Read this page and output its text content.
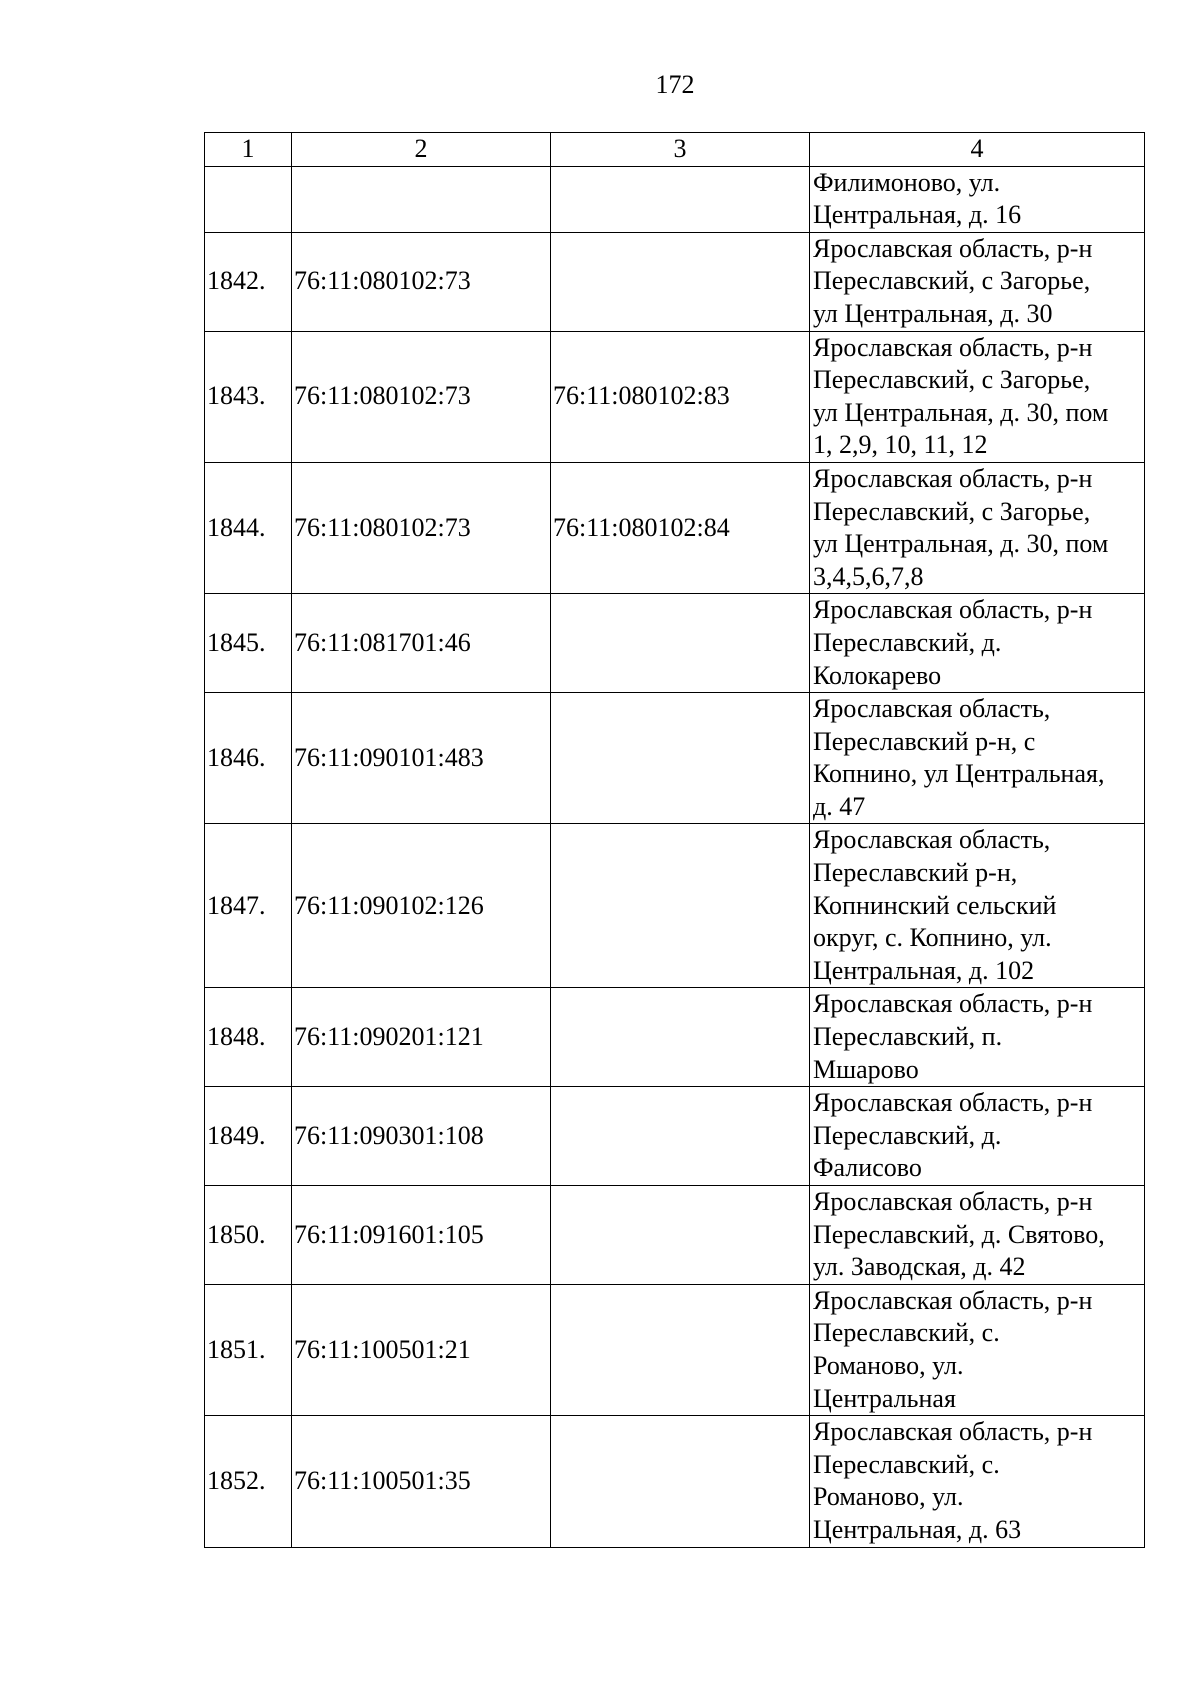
172
1	2	3	4

			Филимоново, ул.
Центральная, д. 16

1842.	76:11:080102:73		Ярославская область, р-н
Переславский, с Загорье,
ул Центральная, д. 30

1843.	76:11:080102:73	76:11:080102:83	Ярославская область, р-н
Переславский, с Загорье,
ул Центральная, д. 30, пом
1, 2,9, 10, 11, 12

1844.	76:11:080102:73	76:11:080102:84	Ярославская область, р-н
Переславский, с Загорье,
ул Центральная, д. 30, пом
3,4,5,6,7,8

1845.	76:11:081701:46		Ярославская область, р-н
Переславский, д.
Колокарево

1846.	76:11:090101:483		Ярославская область,
Переславский р-н, с
Копнино, ул Центральная,
д. 47

1847.	76:11:090102:126		Ярославская область,
Переславский р-н,
Копнинский сельский
округ, с. Копнино, ул.
Центральная, д. 102

1848.	76:11:090201:121		Ярославская область, р-н
Переславский, п.
Мшарово

1849.	76:11:090301:108		Ярославская область, р-н
Переславский, д.
Фалисово

1850.	76:11:091601:105		Ярославская область, р-н
Переславский, д. Святово,
ул. Заводская, д. 42

1851.	76:11:100501:21		Ярославская область, р-н
Переславский, с.
Романово, ул.
Центральная

1852.	76:11:100501:35		Ярославская область, р-н
Переславский, с.
Романово, ул.
Центральная, д. 63
